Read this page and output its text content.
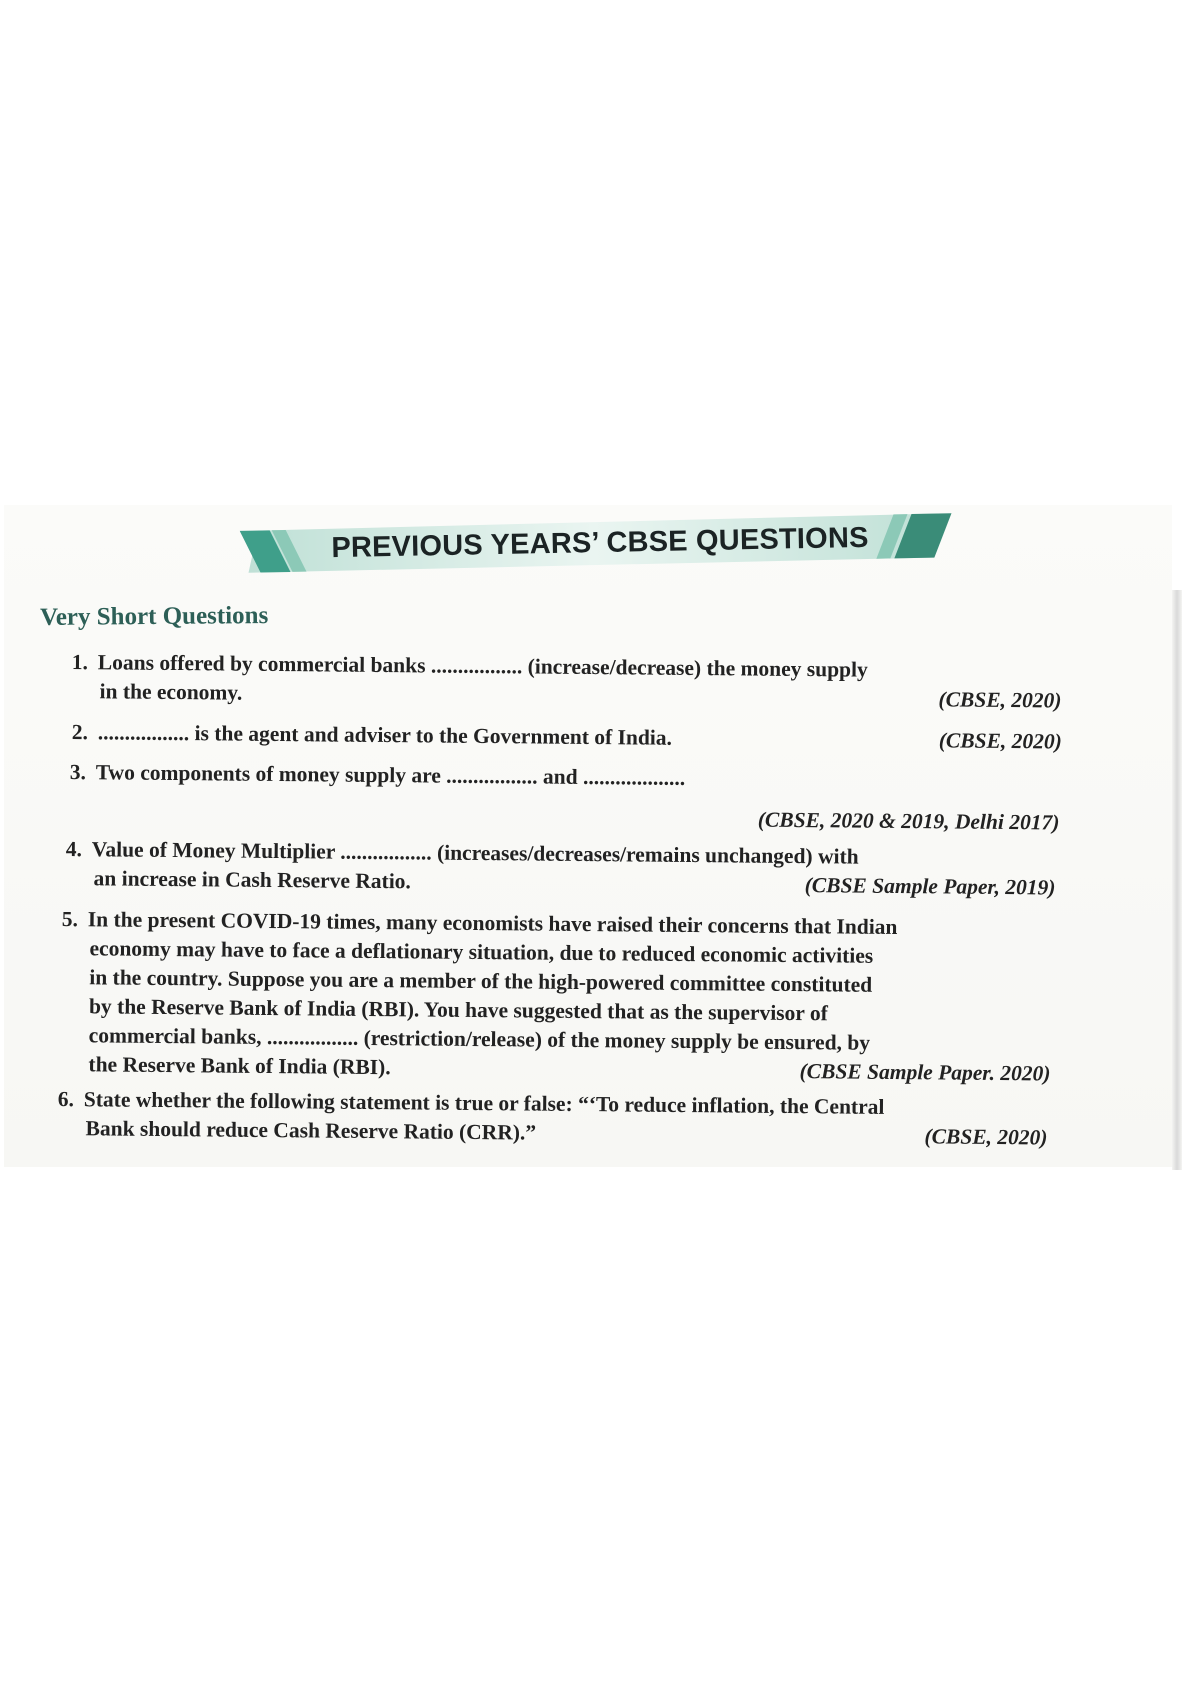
PREVIOUS YEARS’ CBSE QUESTIONS
Very Short Questions
1. Loans offered by commercial banks ................. (increase/decrease) the money supply
in the economy.	(CBSE, 2020)
2. ................. is the agent and adviser to the Government of India.	(CBSE, 2020)
3. Two components of money supply are ................. and ...................
(CBSE, 2020 & 2019, Delhi 2017)

4. Value of Money Multiplier ................. (increases/decreases/remains unchanged) with
an increase in Cash Reserve Ratio.	(CBSE Sample Paper, 2019)
5. In the present COVID-19 times, many economists have raised their concerns that Indian
economy may have to face a deflationary situation, due to reduced economic activities
in the country. Suppose you are a member of the high-powered committee constituted
by the Reserve Bank of India (RBI). You have suggested that as the supervisor of
commercial banks, ................. (restriction/release) of the money supply be ensured, by
the Reserve Bank of India (RBI).	(CBSE Sample Paper. 2020)
6. State whether the following statement is true or false: “‘To reduce inflation, the Central
Bank should reduce Cash Reserve Ratio (CRR).”	(CBSE, 2020)
